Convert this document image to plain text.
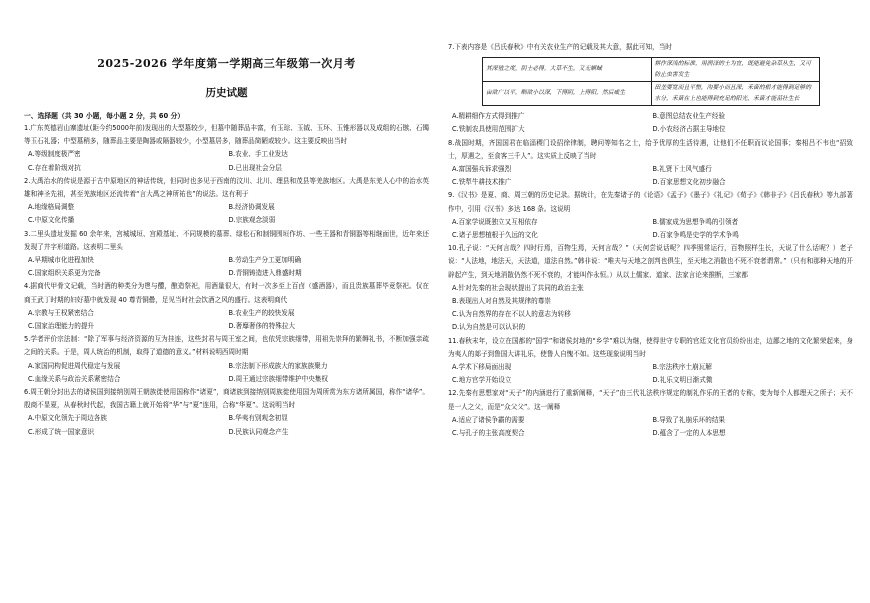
2025-2026 学年度第一学期高三年级第一次月考
历史试题
一、选择题（共 30 小题，每小题 2 分，共 60 分）

1.广东英德岩山寨遗址(距今约5000年前)发现出的大型墓较少，但墓中随葬品丰富，有玉琮、玉钺、玉环、玉锥形器以及成组的石镞、石镯等玉石礼器；中型墓稍多，随葬品主要是陶器或隔器较少，小型墓居多，随葬品简陋或较少。这主要反映出当时

A.等级制度极严密	B.农业、手工业发达
C.存在着阶级对抗	D.已出现社会分层

2.大禹治水的传说是源于古中原地区的神话传统，但同时也多见于西南的汶川、北川、理县和茂县等羌族地区。大禹是东羌人心中的治水英雄和神圣先祖，甚至羌族地区还流传着“言大禹之神所祐也”的说法。这有利于

A.地缘格局调整	B.经济协调发展
C.中原文化传播	D.宗族观念淡弱

3.二里头遗址发掘 60 余年来，宫城城垣、宫殿基址、不同规模的墓葬、绿松石和制铜围垣作坊、一些王器和青铜器等相继面世，近年来还发现了井字形道路。这表明二里头

A.早期城市化进程加快	B.劳动生产分工更加明确
C.国家组织关系更为完备	D.青铜铸造进入鼎盛时期

4.据商代甲骨文记载，当时酒的种类分为鬯与醴，酿造祭祀，用酒量很大，有时一次多至上百卣（盛酒器），而且贵族墓葬毕竟祭祀。仅在商王武丁时期的妇好墓中就发现 40 尊青铜罍，足见当时社会饮酒之风的盛行。这表明商代

A.宗教与王权紧密结合	B.农业生产的较快发展
C.国家治理能力的提升	D.奢靡奢侈的特殊拉大

5.学者评价宗法制：“除了军事与经济资源的互为挂连，这些封君与周王室之间，也依凭宗族细带，用祖先崇拜的繁缛礼书，不断加强亲疏之间的关系。于是，周人统治的机制，取得了道德的意义。”材料说明西周时期

A.家国同构促进周代稳定与发展	B.宗法制下形成族大的家族族聚力
C.血缘关系与政治关系紧密结合	D.周王通过宗族细带维护中央集权

6.周王朝分封出去的诸侯国到接纳别周王朝族徙使用国称作“诸夏”，商诸族到接纳别周族徙使用国为周所赏为东方诸所属国，称作“诸华”。殷商不显夏，从春秋时代起，我国古籍上就开始将“华”与“夏”连用，合称“华夏”。这说明当时

A.中原文化领先于周边各族	B.华夷有别观念初显
C.形成了统一国家意识	D.民族认同观念产生

7.下表内容是《吕氏春秋》中有关农业生产的记载及其大意，据此可知，当时

其深殖之度，阴土必得。大草不生，又无螟蜮	耕作深浅的标准，用润泽的土为宜，既能避免杂草丛生，又可防止虫害发生
亩欲广以平，甽欲小以深，下得阴，上得阳，然后咸生	田垄要宽而且平整，沟要小而且深，禾苗的根才能得到足够的水分，禾苗在上也能得到充足的阳光，禾苗才能茁壮生长
A.精耕细作方式得到推广	B.意图总结农业生产经验
C.铁制农具使用范围扩大	D.小农经济占据主导地位

8.战国时期，齐国国君在临淄稷门设招徐律制，聘问等知名之士，给予优厚的生活待遇，让他们不任职而议论国事；秦相吕不韦也“招致士，厚遇之，至食客三千人”。这实质上反映了当时

A.富国强兵诉求强烈	B.礼贤下士风气盛行
C.铁犁牛耕技术推广	D.百家思想文化初步融合

9.《汉书》是夏、商、周三朝的历史记录。据统计，在先秦诸子的《论语》《孟子》《墨子》《礼记》《荀子》《韩非子》《吕氏春秋》等九部著作中，引用《汉书》多达 168 条。这说明

A.百家学说既独立又互相依存	B.儒家成为思想争鸣的引领者
C.诸子思想植根于久远的文化	D.百家争鸣是史学的学术争鸣

10.孔子说：“天何言哉？四时行焉，百物生焉，天何言哉？”（天何尝说话呢？四季照常运行，百物照样生长，天说了什么话呢？）老子说：“人法地，地法天，天法道，道法自然。”韩非说：“唯夫与天地之剖判也俱生，至天地之消散也不死不衰者谓常。”（只有和那种天地的开辟起产生，到天地消散仍然不死不衰的，才能叫作永恒。）从以上儒家、道家、法家言论来推断，三家都

A.针对先秦的社会现状提出了共同的政治主张
B.表现出人对自然及其规律的尊崇
C.认为自然界的存在不以人的意志为转移
D.认为自然是可以认识的

11.春秋末年，设立在国都的“国学”和诸侯封地的“乡学”难以为继，使得世守专职的官廷文化官员纷纷出走，边鄙之地的文化繁荣起来，身为夷人的郯子到鲁国大讲礼乐，使鲁人自愧不如。这些现象说明当时

A.学术下移局面出现	B.宗法秩序土崩瓦解
C.地方官学开始设立	D.礼乐文明日渐式微

12.先秦有思想家对“天子”的内涵进行了重新阐释，“天子”由三代礼法秩序规定的制礼作乐的王者的专称，变为每个人都理天之所子；天不是一人之父，而是“众父父”。这一阐释

A.适应了诸侯争霸的需要	B.导致了礼崩乐坏的结果
C.与孔子的主张高度契合	D.蕴含了一定的人本思想
